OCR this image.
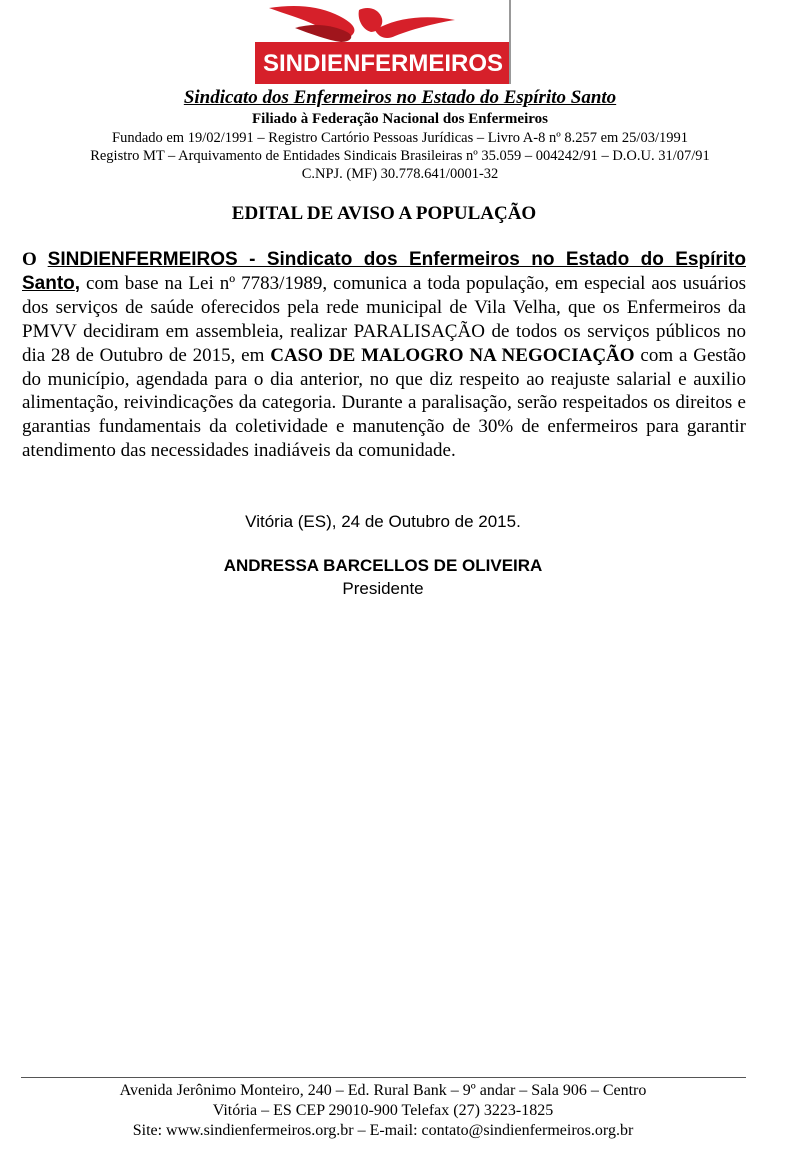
SINDIENFERMEIROS
Sindicato dos Enfermeiros no Estado do Espírito Santo

Filiado à Federação Nacional dos Enfermeiros

Fundado em 19/02/1991 – Registro Cartório Pessoas Jurídicas – Livro A-8 nº 8.257 em 25/03/1991

Registro MT – Arquivamento de Entidades Sindicais Brasileiras nº 35.059 – 004242/91 – D.O.U. 31/07/91

C.NPJ. (MF) 30.778.641/0001-32

EDITAL DE AVISO A POPULAÇÃO

O SINDIENFERMEIROS - Sindicato dos Enfermeiros no Estado do Espírito Santo, com base na Lei nº 7783/1989, comunica a toda população, em especial aos usuários dos serviços de saúde oferecidos pela rede municipal de Vila Velha, que os Enfermeiros da PMVV decidiram em assembleia, realizar PARALISAÇÃO de todos os serviços públicos no dia 28 de Outubro de 2015, em CASO DE MALOGRO NA NEGOCIAÇÃO com a Gestão do município, agendada para o dia anterior, no que diz respeito ao reajuste salarial e auxilio alimentação, reivindicações da categoria. Durante a paralisação, serão respeitados os direitos e garantias fundamentais da coletividade e manutenção de 30% de enfermeiros para garantir atendimento das necessidades inadiáveis da comunidade.

Vitória (ES), 24 de Outubro de 2015.

ANDRESSA BARCELLOS DE OLIVEIRA

Presidente

Avenida Jerônimo Monteiro, 240 – Ed. Rural Bank – 9º andar – Sala 906 – Centro

Vitória – ES CEP 29010-900 Telefax (27) 3223-1825

Site: www.sindienfermeiros.org.br – E-mail: contato@sindienfermeiros.org.br
